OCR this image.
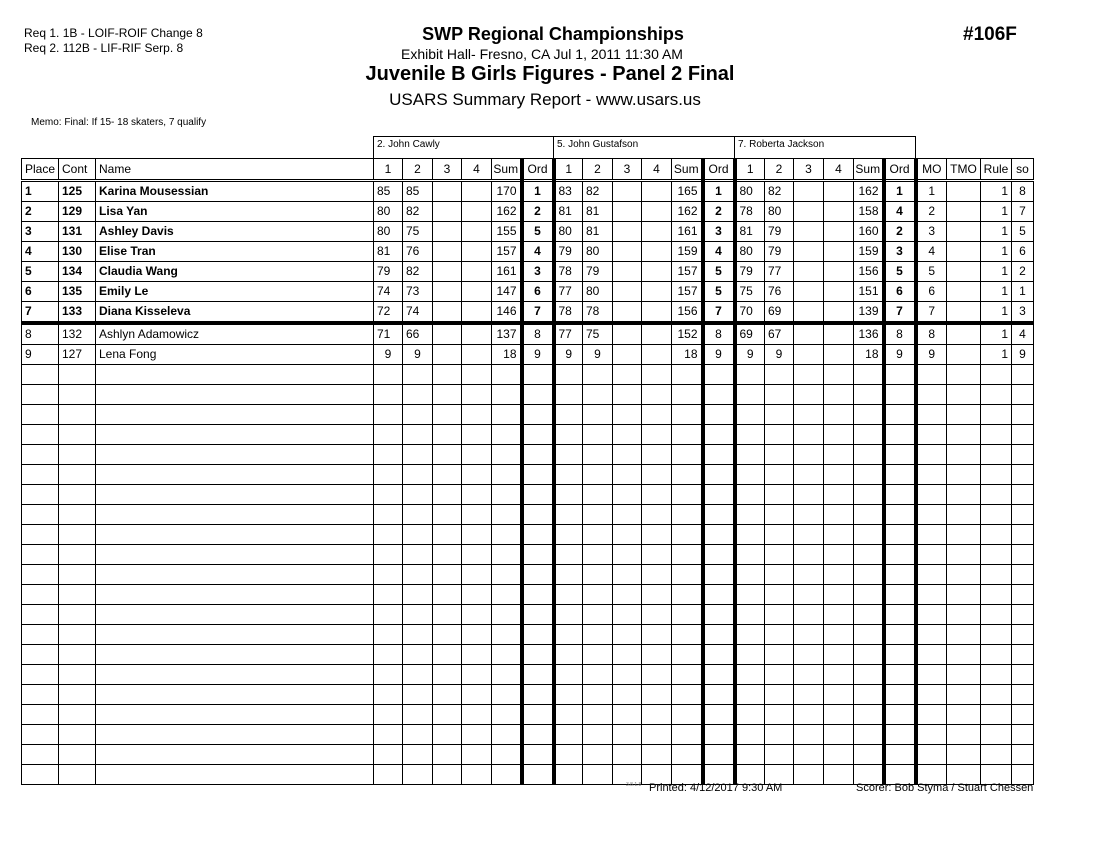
Req 1. 1B - LOIF-ROIF Change 8
Req 2. 112B - LIF-RIF Serp. 8
SWP Regional Championships
Exhibit Hall- Fresno, CA Jul 1, 2011 11:30 AM
Juvenile B Girls Figures - Panel 2 Final
USARS Summary Report - www.usars.us
#106F
Memo: Final: If 15- 18 skaters, 7 qualify
			2. John Cawly						5. John Gustafson						7. Roberta Jackson									
Place	Cont	Name	1	2	3	4	Sum	Ord	1	2	3	4	Sum	Ord	1	2	3	4	Sum	Ord	MO	TMO	Rule	so
1	125	Karina Mousessian	85	85			170	1	83	82			165	1	80	82			162	1	1		1	8
2	129	Lisa Yan	80	82			162	2	81	81			162	2	78	80			158	4	2		1	7
3	131	Ashley Davis	80	75			155	5	80	81			161	3	81	79			160	2	3		1	5
4	130	Elise Tran	81	76			157	4	79	80			159	4	80	79			159	3	4		1	6
5	134	Claudia Wang	79	82			161	3	78	79			157	5	79	77			156	5	5		1	2
6	135	Emily Le	74	73			147	6	77	80			157	5	75	76			151	6	6		1	1
7	133	Diana Kisseleva	72	74			146	7	78	78			156	7	70	69			139	7	7		1	3
8	132	Ashlyn Adamowicz	71	66			137	8	77	75			152	8	69	67			136	8	8		1	4
9	127	Lena Fong	9	9			18	9	9	9			18	9	9	9			18	9	9		1	9

3.8.1.8 Printed: 4/12/2017 9:30 AM	Scorer: Bob Styma / Stuart Chessen
